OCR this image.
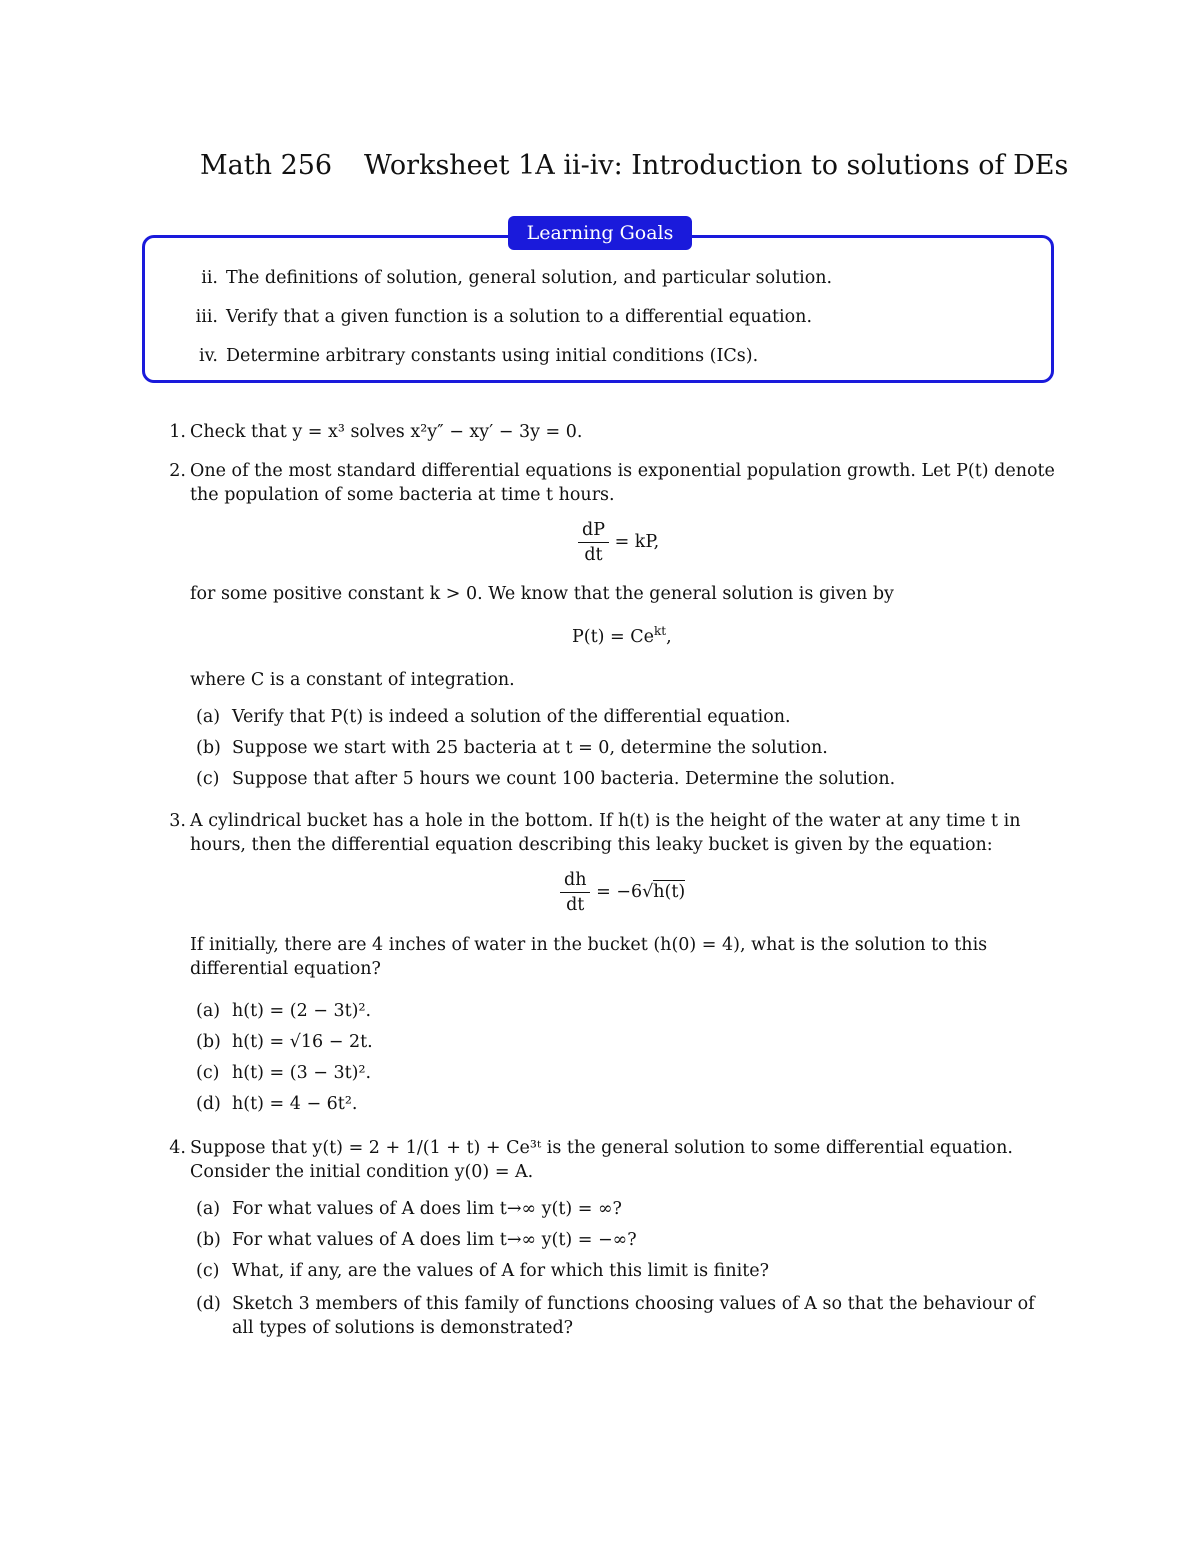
Math 256 Worksheet 1A ii-iv: Introduction to solutions of DEs
Learning Goals
ii. The definitions of solution, general solution, and particular solution.
iii. Verify that a given function is a solution to a differential equation.
iv. Determine arbitrary constants using initial conditions (ICs).
1. Check that y = x³ solves x²y″ − xy′ − 3y = 0.
2. One of the most standard differential equations is exponential population growth. Let P(t) denote the population of some bacteria at time t hours.
$\frac{dP}{dt}$ = kP,
for some positive constant k > 0. We know that the general solution is given by
$P(t) = Ce^{kt}$,
where C is a constant of integration.
(a) Verify that P(t) is indeed a solution of the differential equation.
(b) Suppose we start with 25 bacteria at t = 0, determine the solution.
(c) Suppose that after 5 hours we count 100 bacteria. Determine the solution.
3. A cylindrical bucket has a hole in the bottom. If h(t) is the height of the water at any time t in hours, then the differential equation describing this leaky bucket is given by the equation:
$\frac{dh}{dt} = -6√h(t)$
If initially, there are 4 inches of water in the bucket (h(0) = 4), what is the solution to this differential equation?
(a) h(t) = (2 − 3t)².
(b) h(t) = √16 − 2t.
(c) h(t) = (3 − 3t)².
(d) h(t) = 4 − 6t².
4. Suppose that y(t) = 2 + 1/(1 + t) + Ce³ᵗ is the general solution to some differential equation. Consider the initial condition y(0) = A.
(a) For what values of A does lim t→∞ y(t) = ∞?
(b) For what values of A does lim t→∞ y(t) = −∞?
(c) What, if any, are the values of A for which this limit is finite?
(d) Sketch 3 members of this family of functions choosing values of A so that the behaviour of all types of solutions is demonstrated?
